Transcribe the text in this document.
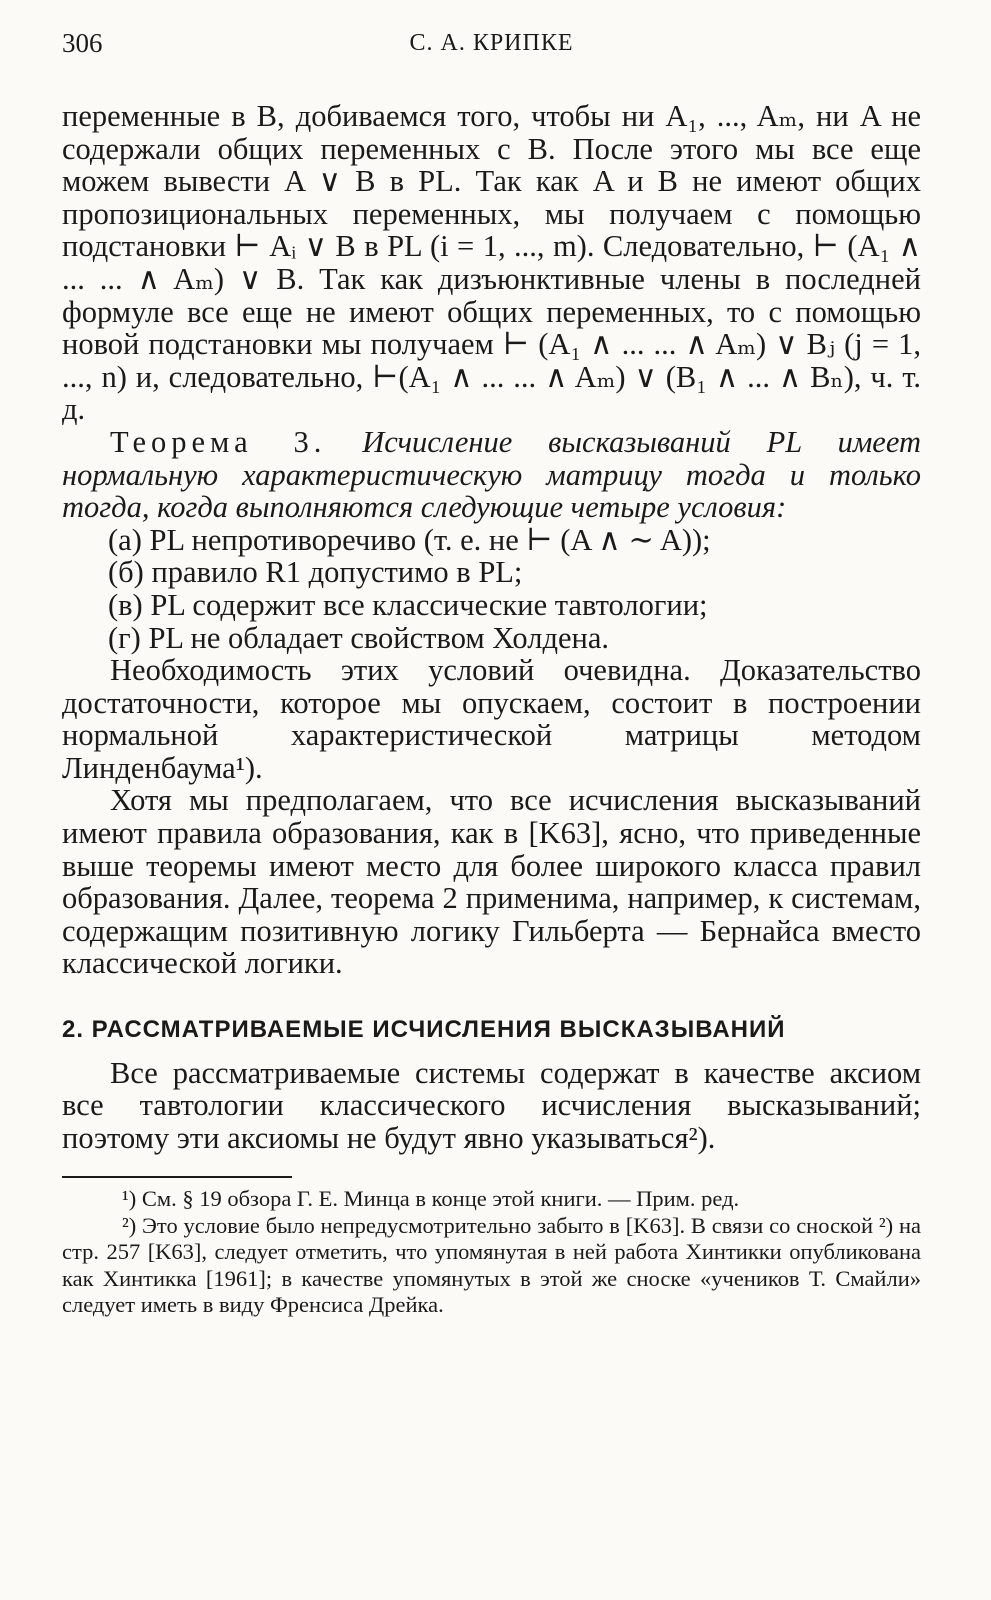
306	С. А. КРИПКЕ

переменные в B, добиваемся того, чтобы ни A₁, ..., Aₘ, ни A не содержали общих переменных с B. После этого мы все еще можем вывести A ∨ B в PL. Так как A и B не имеют общих пропозициональных переменных, мы получаем с помощью подстановки ⊢ Aᵢ ∨ B в PL (i = 1, ..., m). Следовательно, ⊢ (A₁ ∧ ... ... ∧ Aₘ) ∨ B. Так как дизъюнктивные члены в последней формуле все еще не имеют общих переменных, то с помощью новой подстановки мы получаем ⊢ (A₁ ∧ ... ... ∧ Aₘ) ∨ Bⱼ (j = 1, ..., n) и, следовательно, ⊢(A₁ ∧ ... ... ∧ Aₘ) ∨ (B₁ ∧ ... ∧ Bₙ), ч. т. д.

Теорема 3. Исчисление высказываний PL имеет нормальную характеристическую матрицу тогда и только тогда, когда выполняются следующие четыре условия:

(а) PL непротиворечиво (т. е. не ⊢ (A ∧ ∼ A));

(б) правило R1 допустимо в PL;

(в) PL содержит все классические тавтологии;

(г) PL не обладает свойством Холдена.

Необходимость этих условий очевидна. Доказательство достаточности, которое мы опускаем, состоит в построении нормальной характеристической матрицы методом Линденбаума¹).

Хотя мы предполагаем, что все исчисления высказываний имеют правила образования, как в [K63], ясно, что приведенные выше теоремы имеют место для более широкого класса правил образования. Далее, теорема 2 применима, например, к системам, содержащим позитивную логику Гильберта — Бернайса вместо классической логики.

2. РАССМАТРИВАЕМЫЕ ИСЧИСЛЕНИЯ ВЫСКАЗЫВАНИЙ

Все рассматриваемые системы содержат в качестве аксиом все тавтологии классического исчисления высказываний; поэтому эти аксиомы не будут явно указываться²).

¹) См. § 19 обзора Г. Е. Минца в конце этой книги. — Прим. ред.

²) Это условие было непредусмотрительно забыто в [K63]. В связи со сноской ²) на стр. 257 [K63], следует отметить, что упомянутая в ней работа Хинтикки опубликована как Хинтикка [1961]; в качестве упомянутых в этой же сноске «учеников Т. Смайли» следует иметь в виду Френсиса Дрейка.
